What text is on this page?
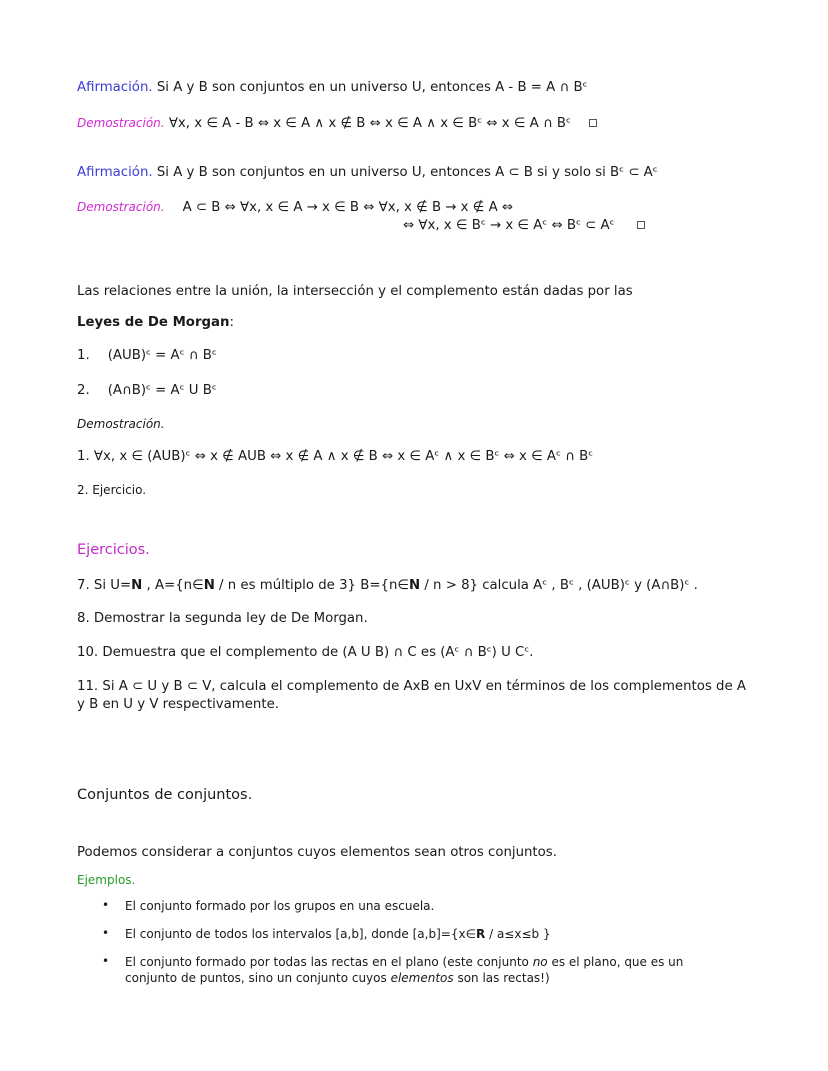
Afirmación. Si A y B son conjuntos en un universo U, entonces A - B = A ∩ Bᶜ
Demostración. ∀x, x ∈ A - B ⇔ x ∈ A ∧ x ∉ B ⇔ x ∈ A ∧ x ∈ Bᶜ ⇔ x ∈ A ∩ Bᶜ
Afirmación. Si A y B son conjuntos en un universo U, entonces A ⊂ B si y solo si Bᶜ ⊂ Aᶜ
Demostración. A ⊂ B ⇔ ∀x, x ∈ A → x ∈ B ⇔ ∀x, x ∉ B → x ∉ A ⇔
⇔ ∀x, x ∈ Bᶜ → x ∈ Aᶜ ⇔ Bᶜ ⊂ Aᶜ
Las relaciones entre la unión, la intersección y el complemento están dadas por las
Leyes de De Morgan:
1. (AUB)ᶜ = Aᶜ ∩ Bᶜ
2. (A∩B)ᶜ = Aᶜ U Bᶜ
Demostración.
1. ∀x, x ∈ (AUB)ᶜ ⇔ x ∉ AUB ⇔ x ∉ A ∧ x ∉ B ⇔ x ∈ Aᶜ ∧ x ∈ Bᶜ ⇔ x ∈ Aᶜ ∩ Bᶜ
2. Ejercicio.
Ejercicios.
7. Si U=N , A={n∈N / n es múltiplo de 3} B={n∈N / n > 8} calcula Aᶜ , Bᶜ , (AUB)ᶜ y (A∩B)ᶜ .
8. Demostrar la segunda ley de De Morgan.
10. Demuestra que el complemento de (A U B) ∩ C es (Aᶜ ∩ Bᶜ) U Cᶜ.
11. Si A ⊂ U y B ⊂ V, calcula el complemento de AxB en UxV en términos de los complementos de A y B en U y V respectivamente.
Conjuntos de conjuntos.
Podemos considerar a conjuntos cuyos elementos sean otros conjuntos.
Ejemplos.
• El conjunto formado por los grupos en una escuela.
• El conjunto de todos los intervalos [a,b], donde [a,b]={x∈R / a≤x≤b }
• El conjunto formado por todas las rectas en el plano (este conjunto no es el plano, que es un conjunto de puntos, sino un conjunto cuyos elementos son las rectas!)
